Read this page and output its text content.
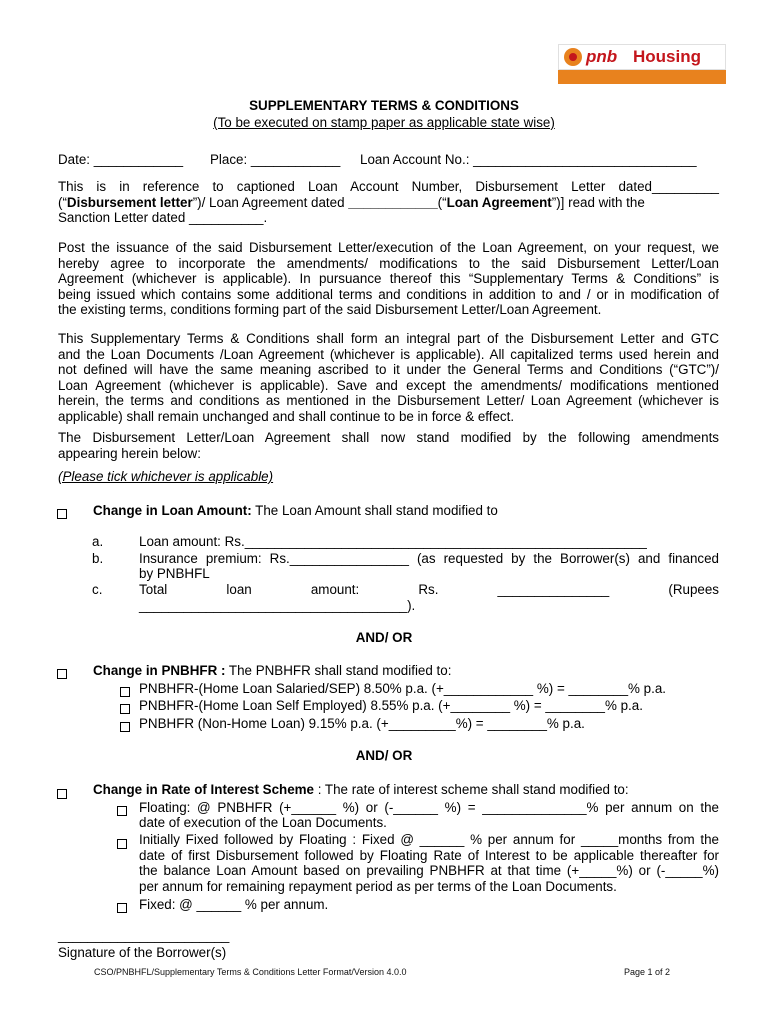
pnb Housing
Finance Limited
SUPPLEMENTARY TERMS & CONDITIONS
(To be executed on stamp paper as applicable state wise)
Date: ____________ Place: ____________ Loan Account No.: ______________________________
This is in reference to captioned Loan Account Number, Disbursement Letter dated_________
(“Disbursement letter”)/ Loan Agreement dated ____________(“Loan Agreement”)] read with the
Sanction Letter dated __________.
Post the issuance of the said Disbursement Letter/execution of the Loan Agreement, on your request, we
hereby agree to incorporate the amendments/ modifications to the said Disbursement Letter/Loan
Agreement (whichever is applicable). In pursuance thereof this “Supplementary Terms & Conditions” is
being issued which contains some additional terms and conditions in addition to and / or in modification of
the existing terms, conditions forming part of the said Disbursement Letter/Loan Agreement.
This Supplementary Terms & Conditions shall form an integral part of the Disbursement Letter and GTC
and the Loan Documents /Loan Agreement (whichever is applicable). All capitalized terms used herein and
not defined will have the same meaning ascribed to it under the General Terms and Conditions (“GTC”)/
Loan Agreement (whichever is applicable). Save and except the amendments/ modifications mentioned
herein, the terms and conditions as mentioned in the Disbursement Letter/ Loan Agreement (whichever is
applicable) shall remain unchanged and shall continue to be in force & effect.
The Disbursement Letter/Loan Agreement shall now stand modified by the following amendments
appearing herein below:
(Please tick whichever is applicable)
Change in Loan Amount: The Loan Amount shall stand modified to
a.	Loan amount: Rs.______________________________________________________
b.	Insurance premium: Rs.________________ (as requested by the Borrower(s) and financed
by PNBHFL
c.	Total	loan	amount:	Rs.	_______________	(Rupees
____________________________________).
AND/ OR
Change in PNBHFR : The PNBHFR shall stand modified to:
PNBHFR-(Home Loan Salaried/SEP) 8.50% p.a. (+____________ %) = ________% p.a.
PNBHFR-(Home Loan Self Employed) 8.55% p.a. (+________ %) = ________% p.a.
PNBHFR (Non-Home Loan) 9.15% p.a. (+_________%) = ________% p.a.
AND/ OR
Change in Rate of Interest Scheme : The rate of interest scheme shall stand modified to:
Floating: @ PNBHFR (+______ %) or (-______ %) = ______________% per annum on the
date of execution of the Loan Documents.
Initially Fixed followed by Floating : Fixed @ ______ % per annum for _____months from the
date of first Disbursement followed by Floating Rate of Interest to be applicable thereafter for
the balance Loan Amount based on prevailing PNBHFR at that time (+_____%) or (-_____%)
per annum for remaining repayment period as per terms of the Loan Documents.
Fixed: @ ______ % per annum.
_______________________
Signature of the Borrower(s)
CSO/PNBHFL/Supplementary Terms & Conditions Letter Format/Version 4.0.0	Page 1 of 2
